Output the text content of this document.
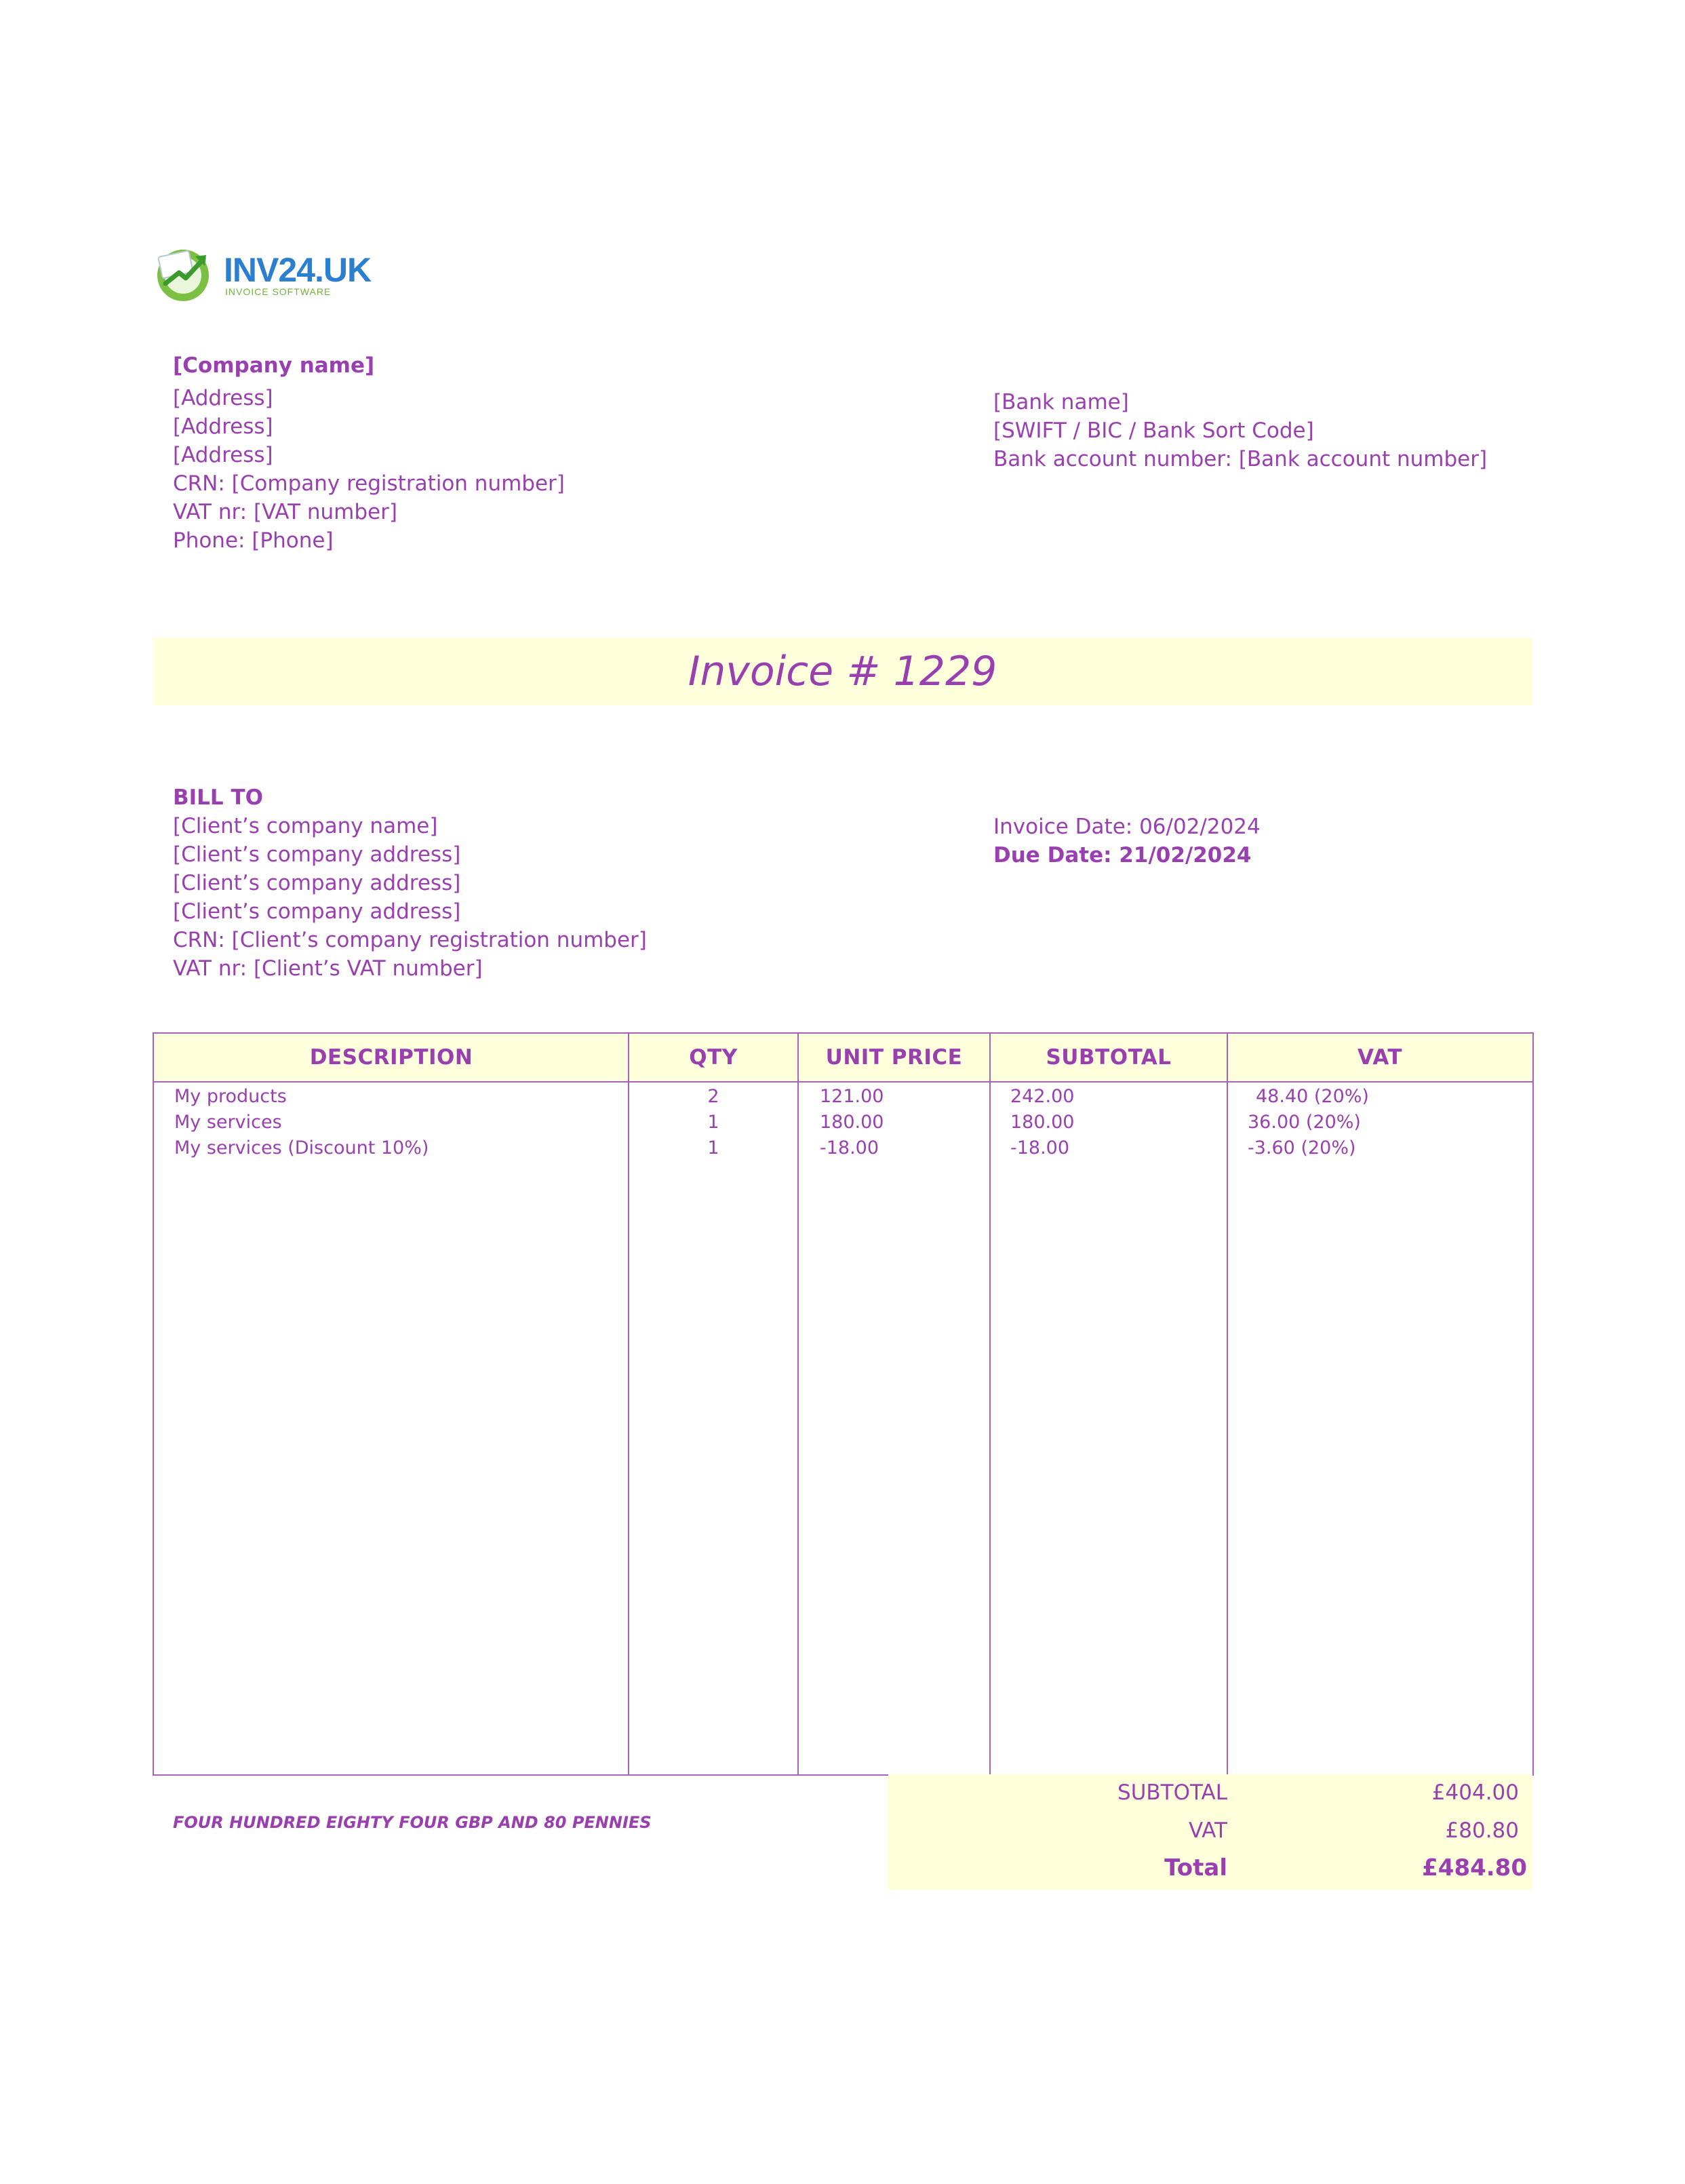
INV24.UK
INVOICE SOFTWARE
[Company name]
[Address]
[Address]
[Address]
CRN: [Company registration number]
VAT nr: [VAT number]
Phone: [Phone]
[Bank name]
[SWIFT / BIC / Bank Sort Code]
Bank account number: [Bank account number]
Invoice # 1229
BILL TO
[Client’s company name]
[Client’s company address]
[Client’s company address]
[Client’s company address]
CRN: [Client’s company registration number]
VAT nr: [Client’s VAT number]
Invoice Date: 06/02/2024
Due Date: 21/02/2024
DESCRIPTION	QTY	UNIT PRICE	SUBTOTAL	VAT
My products	2	121.00	242.00	48.40 (20%)
My services	1	180.00	180.00	36.00 (20%)
My services (Discount 10%)	1	-18.00	-18.00	-3.60 (20%)
FOUR HUNDRED EIGHTY FOUR GBP AND 80 PENNIES
SUBTOTAL	£404.00
VAT	£80.80
Total	£484.80
